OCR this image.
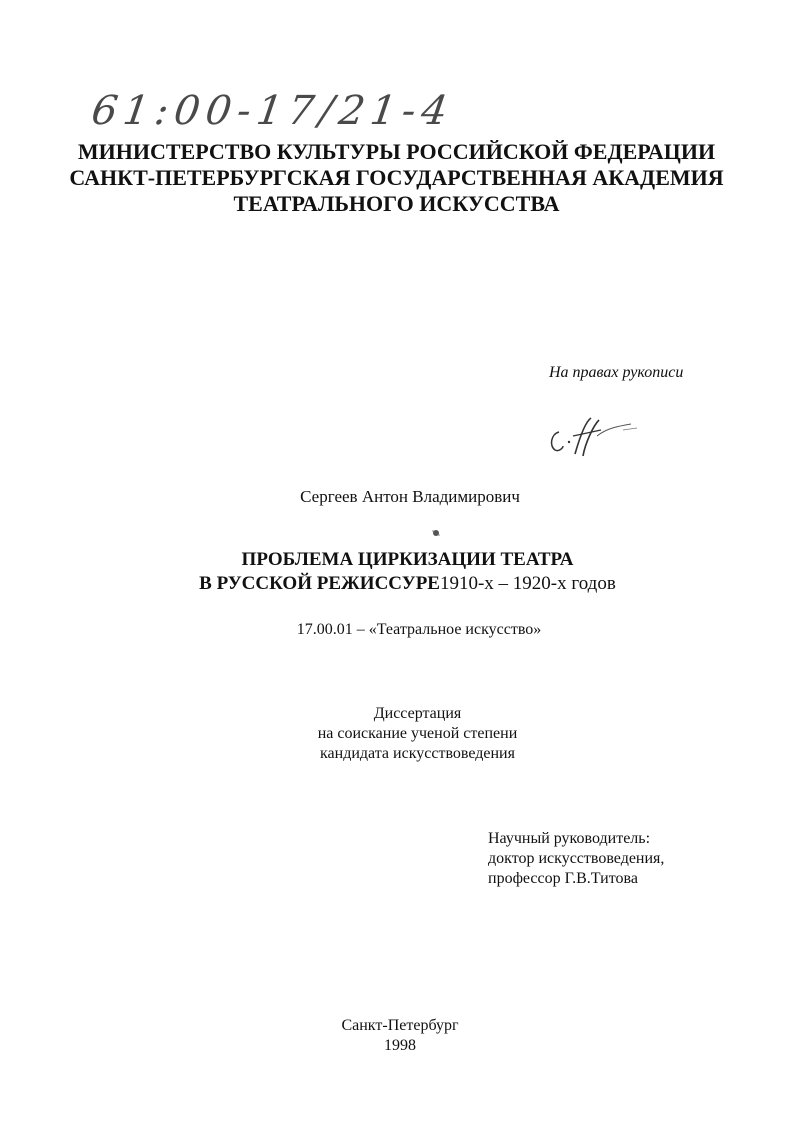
61:00-17/21-4
МИНИСТЕРСТВО КУЛЬТУРЫ РОССИЙСКОЙ ФЕДЕРАЦИИ
САНКТ-ПЕТЕРБУРГСКАЯ ГОСУДАРСТВЕННАЯ АКАДЕМИЯ
ТЕАТРАЛЬНОГО ИСКУССТВА
На правах рукописи
Сергеев Антон Владимирович
ПРОБЛЕМА ЦИРКИЗАЦИИ ТЕАТРА
В РУССКОЙ РЕЖИССУРЕ1910-х – 1920-х годов
17.00.01 – «Театральное искусство»
Диссертация
на соискание ученой степени
кандидата искусствоведения
Научный руководитель:
доктор искусствоведения,
профессор Г.В.Титова
Санкт-Петербург
1998
